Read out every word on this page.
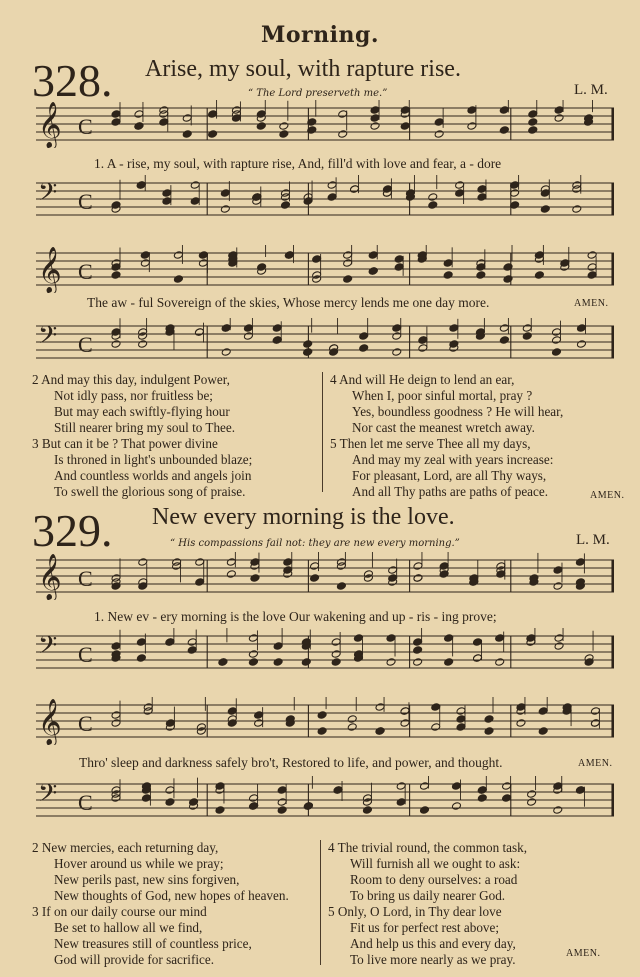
Morning.
328. Arise, my soul, with rapture rise.
“ The Lord preserveth me.”	L. M.
𝄞 C
1. A - rise, my soul, with rapture rise, And, fill'd with love and fear, a - dore
𝄢 C
𝄞 C
The aw - ful Sovereign of the skies, Whose mercy lends me one day more.	AMEN.
𝄢 C
2 And may this day, indulgent Power,
Not idly pass, nor fruitless be;
But may each swiftly-flying hour
Still nearer bring my soul to Thee.
3 But can it be ? That power divine
Is throned in light's unbounded blaze;
And countless worlds and angels join
To swell the glorious song of praise.
4 And will He deign to lend an ear,
When I, poor sinful mortal, pray ?
Yes, boundless goodness ? He will hear,
Nor cast the meanest wretch away.
5 Then let me serve Thee all my days,
And may my zeal with years increase:
For pleasant, Lord, are all Thy ways,
And all Thy paths are paths of peace.	AMEN.
329. New every morning is the love.
“ His compassions fail not: they are new every morning.”	L. M.
𝄞 C
1. New ev - ery morning is the love Our wakening and up - ris - ing prove;
𝄢 C
𝄞 C
Thro' sleep and darkness safely bro't, Restored to life, and power, and thought.	AMEN.
𝄢 C
2 New mercies, each returning day,
Hover around us while we pray;
New perils past, new sins forgiven,
New thoughts of God, new hopes of heaven.
3 If on our daily course our mind
Be set to hallow all we find,
New treasures still of countless price,
God will provide for sacrifice.
4 The trivial round, the common task,
Will furnish all we ought to ask:
Room to deny ourselves: a road
To bring us daily nearer God.
5 Only, O Lord, in Thy dear love
Fit us for perfect rest above;
And help us this and every day,
To live more nearly as we pray.	AMEN.
